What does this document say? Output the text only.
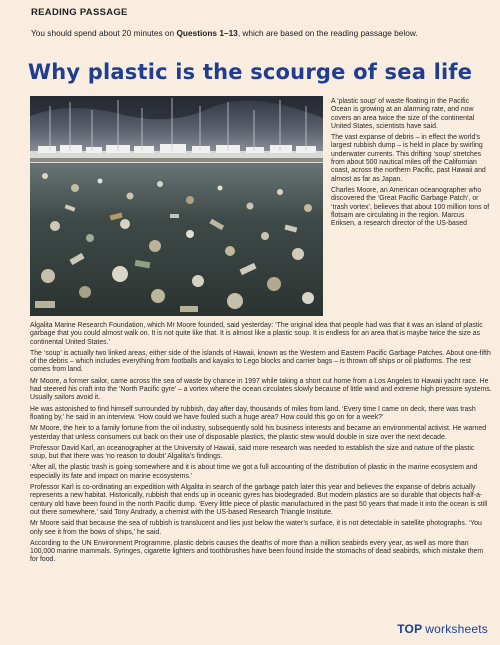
READING PASSAGE
You should spend about 20 minutes on Questions 1–13, which are based on the reading passage below.
Why plastic is the scourge of sea life

A ‘plastic soup’ of waste floating in the Pacific Ocean is growing at an alarming rate, and now covers an area twice the size of the continental United States, scientists have said.

The vast expanse of debris – in effect the world’s largest rubbish dump – is held in place by swirling underwater currents. This drifting ‘soup’ stretches from about 500 nautical miles off the Californian coast, across the northern Pacific, past Hawaii and almost as far as Japan.

Charles Moore, an American oceanographer who discovered the ‘Great Pacific Garbage Patch’, or ‘trash vortex’, believes that about 100 million tons of flotsam are circulating in the region. Marcus Eriksen, a research director of the US-based

Algalita Marine Research Foundation, which Mr Moore founded, said yesterday: ‘The original idea that people had was that it was an island of plastic garbage that you could almost walk on. It is not quite like that. It is almost like a plastic soup. It is endless for an area that is maybe twice the size as continental United States.’

The ‘soup’ is actually two linked areas, either side of the islands of Hawaii, known as the Western and Eastern Pacific Garbage Patches. About one-fifth of the debris – which includes everything from footballs and kayaks to Lego blocks and carrier bags – is thrown off ships or oil platforms. The rest comes from land.

Mr Moore, a former sailor, came across the sea of waste by chance in 1997 while taking a short cut home from a Los Angeles to Hawaii yacht race. He had steered his craft into the ‘North Pacific gyre’ – a vortex where the ocean circulates slowly because of little wind and extreme high pressure systems. Usually sailors avoid it.

He was astonished to find himself surrounded by rubbish, day after day, thousands of miles from land. ‘Every time I came on deck, there was trash floating by,’ he said in an interview. ‘How could we have fouled such a huge area? How could this go on for a week?’

Mr Moore, the heir to a family fortune from the oil industry, subsequently sold his business interests and became an environmental activist. He warned yesterday that unless consumers cut back on their use of disposable plastics, the plastic stew would double in size over the next decade.

Professor David Karl, an oceanographer at the University of Hawaii, said more research was needed to establish the size and nature of the plastic soup, but that there was ‘no reason to doubt’ Algalita’s findings.

‘After all, the plastic trash is going somewhere and it is about time we got a full accounting of the distribution of plastic in the marine ecosystem and especially its fate and impact on marine ecosystems.’

Professor Karl is co-ordinating an expedition with Algalita in search of the garbage patch later this year and believes the expanse of debris actually represents a new habitat. Historically, rubbish that ends up in oceanic gyres has biodegraded. But modern plastics are so durable that objects half-a-century old have been found in the north Pacific dump. ‘Every little piece of plastic manufactured in the past 50 years that made it into the ocean is still out there somewhere,’ said Tony Andrady, a chemist with the US-based Research Triangle Institute.

Mr Moore said that because the sea of rubbish is translucent and lies just below the water’s surface, it is not detectable in satellite photographs. ‘You only see it from the bows of ships,’ he said.

According to the UN Environment Programme, plastic debris causes the deaths of more than a million seabirds every year, as well as more than 100,000 marine mammals. Syringes, cigarette lighters and toothbrushes have been found inside the stomachs of dead seabirds, which mistake them for food.

TOP worksheets
